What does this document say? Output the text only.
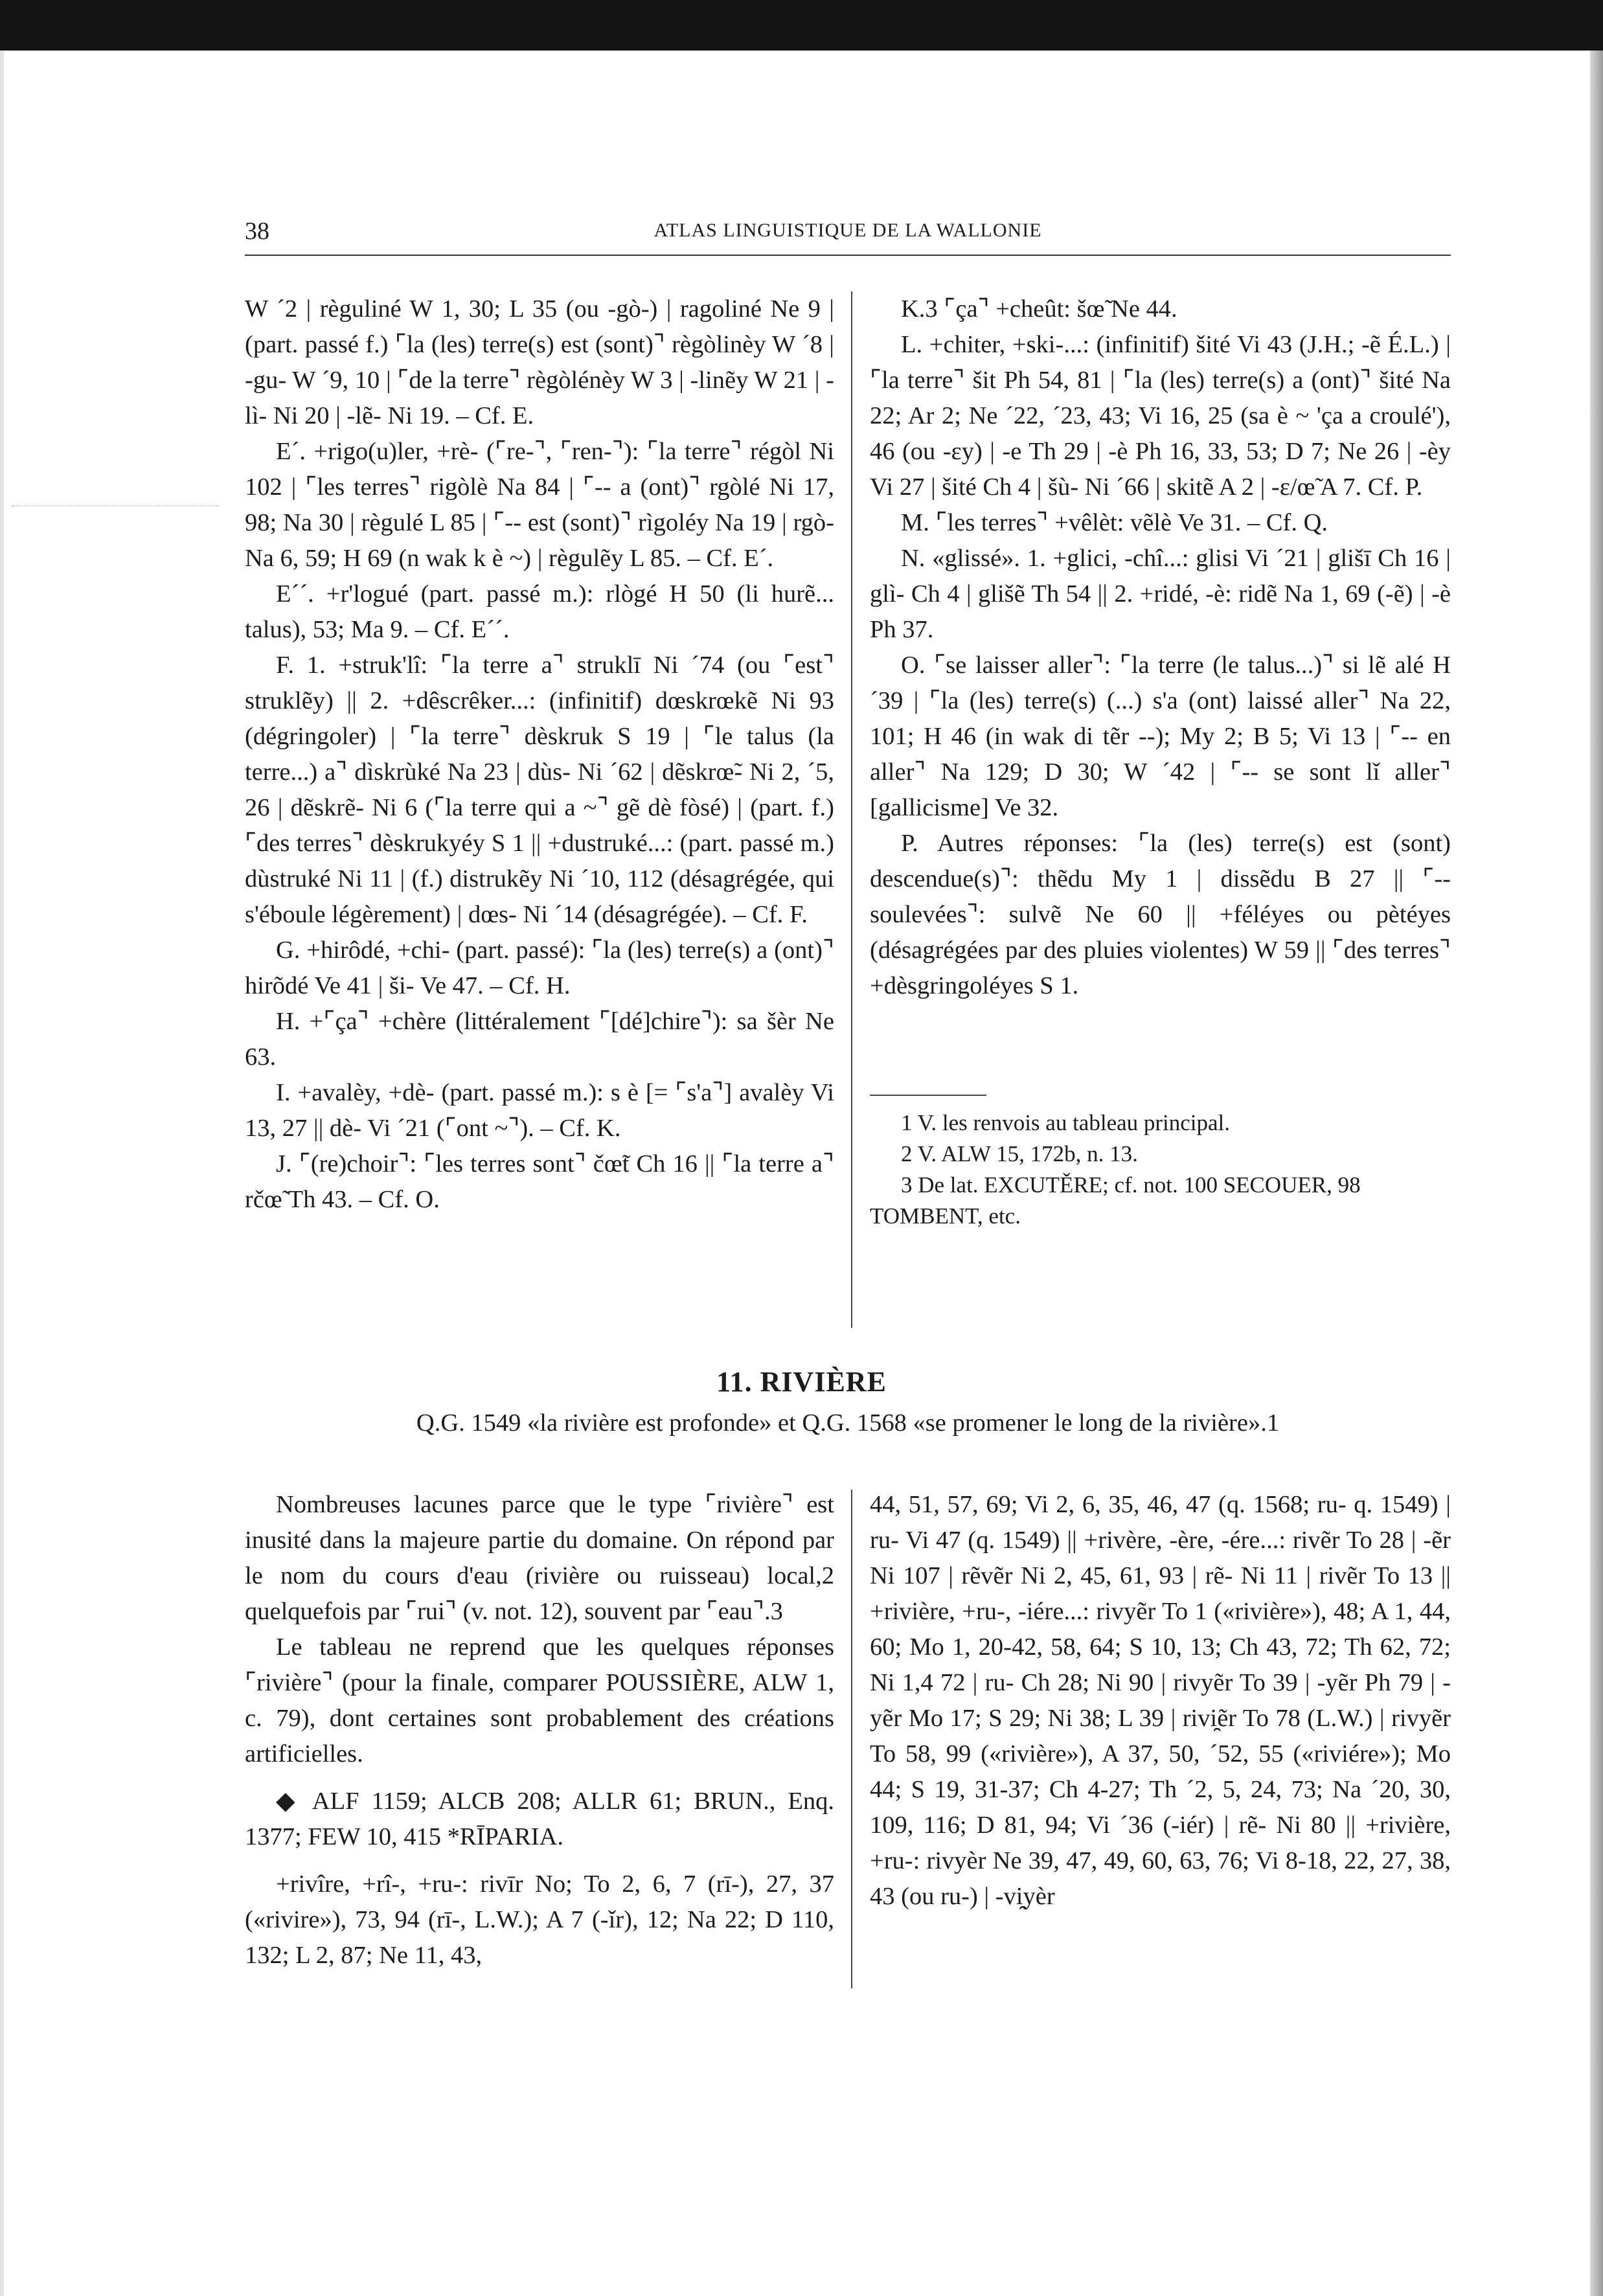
38	ATLAS LINGUISTIQUE DE LA WALLONIE

W ´2 | règuliné W 1, 30; L 35 (ou -gò-) | ragoliné Ne 9 | (part. passé f.) ⌜la (les) terre(s) est (sont)⌝ règòlinèy W ´8 | -gu- W ´9, 10 | ⌜de la terre⌝ règòlénèy W 3 | -linẽy W 21 | -lì- Ni 20 | -lẽ- Ni 19. – Cf. E.

E´. +rigo(u)ler, +rè- (⌜re-⌝, ⌜ren-⌝): ⌜la terre⌝ régòl Ni 102 | ⌜les terres⌝ rigòlè Na 84 | ⌜-- a (ont)⌝ rgòlé Ni 17, 98; Na 30 | règulé L 85 | ⌜-- est (sont)⌝ rìgoléy Na 19 | rgò- Na 6, 59; H 69 (n wak k è ~) | règulẽy L 85. – Cf. E´.

E´´. +r'logué (part. passé m.): rlògé H 50 (li hurẽ... talus), 53; Ma 9. – Cf. E´´.

F. 1. +struk'lî: ⌜la terre a⌝ struklī Ni ´74 (ou ⌜est⌝ struklẽy) || 2. +dêscrêker...: (infinitif) dœskrœkẽ Ni 93 (dégringoler) | ⌜la terre⌝ dèskruk S 19 | ⌜le talus (la terre...) a⌝ dìskrùké Na 23 | dùs- Ni ´62 | dẽskrœ̃- Ni 2, ´5, 26 | dẽskrẽ- Ni 6 (⌜la terre qui a ~⌝ gẽ dè fòsé) | (part. f.) ⌜des terres⌝ dèskrukyéy S 1 || +dustruké...: (part. passé m.) dùstruké Ni 11 | (f.) distrukẽy Ni ´10, 112 (désagrégée, qui s'éboule légèrement) | dœs- Ni ´14 (désagrégée). – Cf. F.

G. +hirôdé, +chi- (part. passé): ⌜la (les) terre(s) a (ont)⌝ hirõdé Ve 41 | ši- Ve 47. – Cf. H.

H. +⌜ça⌝ +chère (littéralement ⌜[dé]chire⌝): sa šèr Ne 63.

I. +avalèy, +dè- (part. passé m.): s è [= ⌜s'a⌝] avalèy Vi 13, 27 || dè- Vi ´21 (⌜ont ~⌝). – Cf. K.

J. ⌜(re)choir⌝: ⌜les terres sont⌝ čœ̃t Ch 16 || ⌜la terre a⌝ rčœ̃ Th 43. – Cf. O.

K.3 ⌜ça⌝ +cheût: šœ̃ Ne 44.

L. +chiter, +ski-...: (infinitif) šité Vi 43 (J.H.; -ẽ É.L.) | ⌜la terre⌝ šit Ph 54, 81 | ⌜la (les) terre(s) a (ont)⌝ šité Na 22; Ar 2; Ne ´22, ´23, 43; Vi 16, 25 (sa è ~ 'ça a croulé'), 46 (ou -εy) | -e Th 29 | -è Ph 16, 33, 53; D 7; Ne 26 | -èy Vi 27 | šité Ch 4 | šù- Ni ´66 | skitẽ A 2 | -ε/œ̃ A 7. Cf. P.

M. ⌜les terres⌝ +vêlèt: vẽlè Ve 31. – Cf. Q.

N. «glissé». 1. +glici, -chî...: glisi Vi ´21 | glišī Ch 16 | glì- Ch 4 | glišẽ Th 54 || 2. +ridé, -è: ridẽ Na 1, 69 (-ẽ) | -è Ph 37.

O. ⌜se laisser aller⌝: ⌜la terre (le talus...)⌝ si lẽ alé H ´39 | ⌜la (les) terre(s) (...) s'a (ont) laissé aller⌝ Na 22, 101; H 46 (in wak di tẽr --); My 2; B 5; Vi 13 | ⌜-- en aller⌝ Na 129; D 30; W ´42 | ⌜-- se sont lǐ aller⌝ [gallicisme] Ve 32.

P. Autres réponses: ⌜la (les) terre(s) est (sont) descendue(s)⌝: thẽdu My 1 | dissẽdu B 27 || ⌜-- soulevées⌝: sulvẽ Ne 60 || +féléyes ou pètéyes (désagrégées par des pluies violentes) W 59 || ⌜des terres⌝ +dèsgringoléyes S 1.

1 V. les renvois au tableau principal.

2 V. ALW 15, 172b, n. 13.

3 De lat. EXCUTĚRE; cf. not. 100 SECOUER, 98 TOMBENT, etc.

11. RIVIÈRE
Q.G. 1549 «la rivière est profonde» et Q.G. 1568 «se promener le long de la rivière».1

Nombreuses lacunes parce que le type ⌜rivière⌝ est inusité dans la majeure partie du domaine. On répond par le nom du cours d'eau (rivière ou ruisseau) local,2 quelquefois par ⌜rui⌝ (v. not. 12), souvent par ⌜eau⌝.3

Le tableau ne reprend que les quelques réponses ⌜rivière⌝ (pour la finale, comparer POUSSIÈRE, ALW 1, c. 79), dont certaines sont probablement des créations artificielles.

◆ ALF 1159; ALCB 208; ALLR 61; BRUN., Enq. 1377; FEW 10, 415 *RĪPARIA.

+rivîre, +rî-, +ru-: rivīr No; To 2, 6, 7 (rī-), 27, 37 («rivire»), 73, 94 (rī-, L.W.); A 7 (-ǐr), 12; Na 22; D 110, 132; L 2, 87; Ne 11, 43,

44, 51, 57, 69; Vi 2, 6, 35, 46, 47 (q. 1568; ru- q. 1549) | ru- Vi 47 (q. 1549) || +rivère, -ère, -ére...: rivẽr To 28 | -ẽr Ni 107 | rẽvẽr Ni 2, 45, 61, 93 | rẽ- Ni 11 | rivẽr To 13 || +rivière, +ru-, -iére...: rivyẽr To 1 («rivière»), 48; A 1, 44, 60; Mo 1, 20-42, 58, 64; S 10, 13; Ch 43, 72; Th 62, 72; Ni 1,4 72 | ru- Ch 28; Ni 90 | rivyẽr To 39 | -yẽr Ph 79 | -yẽr Mo 17; S 29; Ni 38; L 39 | rivi̯ẽr To 78 (L.W.) | rivyẽr To 58, 99 («rivière»), A 37, 50, ´52, 55 («riviére»); Mo 44; S 19, 31-37; Ch 4-27; Th ´2, 5, 24, 73; Na ´20, 30, 109, 116; D 81, 94; Vi ´36 (-iér) | rẽ- Ni 80 || +rivière, +ru-: rivyèr Ne 39, 47, 49, 60, 63, 76; Vi 8-18, 22, 27, 38, 43 (ou ru-) | -vi̯yèr
